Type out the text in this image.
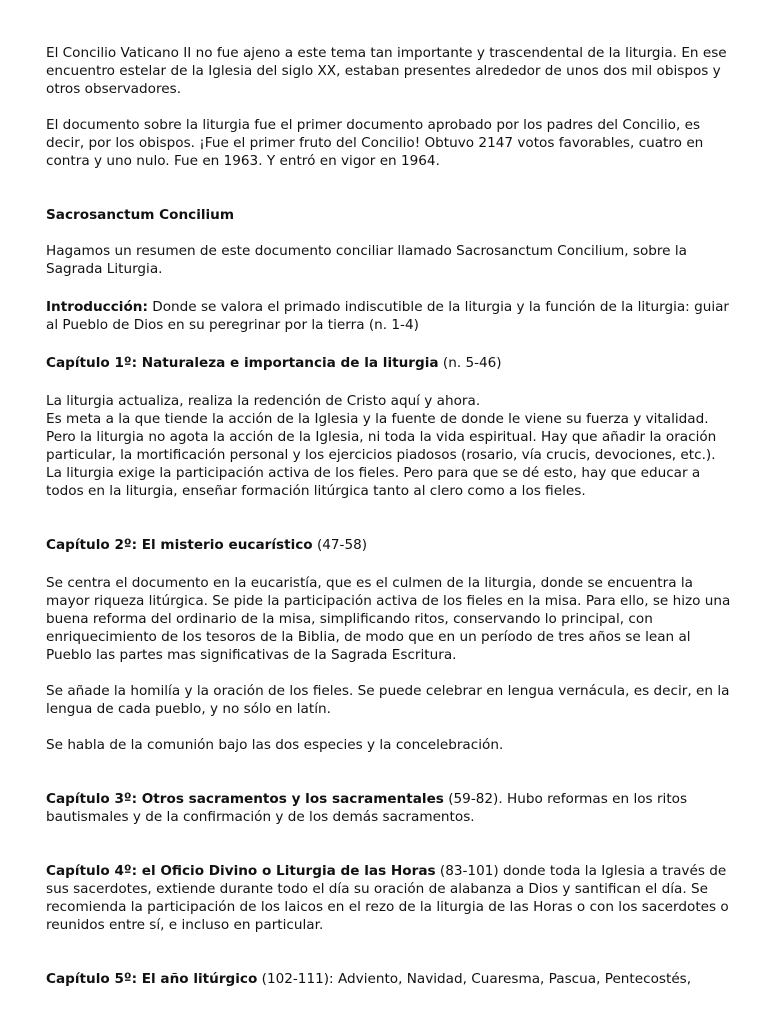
El Concilio Vaticano II no fue ajeno a este tema tan importante y trascendental de la liturgia. En ese encuentro estelar de la Iglesia del siglo XX, estaban presentes alrededor de unos dos mil obispos y otros observadores.

El documento sobre la liturgia fue el primer documento aprobado por los padres del Concilio, es decir, por los obispos. ¡Fue el primer fruto del Concilio! Obtuvo 2147 votos favorables, cuatro en contra y uno nulo. Fue en 1963. Y entró en vigor en 1964.

Sacrosanctum Concilium

Hagamos un resumen de este documento conciliar llamado Sacrosanctum Concilium, sobre la Sagrada Liturgia.

Introducción: Donde se valora el primado indiscutible de la liturgia y la función de la liturgia: guiar al Pueblo de Dios en su peregrinar por la tierra (n. 1-4)

Capítulo 1º: Naturaleza e importancia de la liturgia (n. 5-46)

La liturgia actualiza, realiza la redención de Cristo aquí y ahora.

Es meta a la que tiende la acción de la Iglesia y la fuente de donde le viene su fuerza y vitalidad. Pero la liturgia no agota la acción de la Iglesia, ni toda la vida espiritual. Hay que añadir la oración particular, la mortificación personal y los ejercicios piadosos (rosario, vía crucis, devociones, etc.).

La liturgia exige la participación activa de los fieles. Pero para que se dé esto, hay que educar a todos en la liturgia, enseñar formación litúrgica tanto al clero como a los fieles.

Capítulo 2º: El misterio eucarístico (47-58)

Se centra el documento en la eucaristía, que es el culmen de la liturgia, donde se encuentra la mayor riqueza litúrgica. Se pide la participación activa de los fieles en la misa. Para ello, se hizo una buena reforma del ordinario de la misa, simplificando ritos, conservando lo principal, con enriquecimiento de los tesoros de la Biblia, de modo que en un período de tres años se lean al Pueblo las partes mas significativas de la Sagrada Escritura.

Se añade la homilía y la oración de los fieles. Se puede celebrar en lengua vernácula, es decir, en la lengua de cada pueblo, y no sólo en latín.

Se habla de la comunión bajo las dos especies y la concelebración.

Capítulo 3º: Otros sacramentos y los sacramentales (59-82). Hubo reformas en los ritos bautismales y de la confirmación y de los demás sacramentos.

Capítulo 4º: el Oficio Divino o Liturgia de las Horas (83-101) donde toda la Iglesia a través de sus sacerdotes, extiende durante todo el día su oración de alabanza a Dios y santifican el día. Se recomienda la participación de los laicos en el rezo de la liturgia de las Horas o con los sacerdotes o reunidos entre sí, e incluso en particular.

Capítulo 5º: El año litúrgico (102-111): Adviento, Navidad, Cuaresma, Pascua, Pentecostés,
